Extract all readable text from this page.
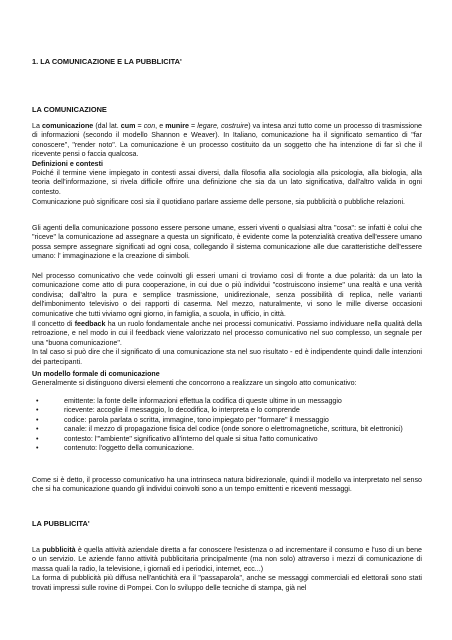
1. LA COMUNICAZIONE E LA PUBBLICITA'
LA COMUNICAZIONE

La comunicazione (dal lat. cum = con, e munire = legare, costruire) va intesa anzi tutto come un processo di trasmissione di informazioni (secondo il modello Shannon e Weaver). In Italiano, comunicazione ha il significato semantico di "far conoscere", "render noto". La comunicazione è un processo costituito da un soggetto che ha intenzione di far sì che il ricevente pensi o faccia qualcosa.

Definizioni e contesti

Poiché il termine viene impiegato in contesti assai diversi, dalla filosofia alla sociologia alla psicologia, alla biologia, alla teoria dell'informazione, si rivela difficile offrire una definizione che sia da un lato significativa, dall'altro valida in ogni contesto.

Comunicazione può significare così sia il quotidiano parlare assieme delle persone, sia pubblicità o pubbliche relazioni.

Gli agenti della comunicazione possono essere persone umane, esseri viventi o qualsiasi altra "cosa": se infatti è colui che "riceve" la comunicazione ad assegnare a questa un significato, è evidente come la potenzialità creativa dell'essere umano possa sempre assegnare significati ad ogni cosa, collegando il sistema comunicazione alle due caratteristiche dell'essere umano: l' immaginazione e la creazione di simboli.

Nel processo comunicativo che vede coinvolti gli esseri umani ci troviamo così di fronte a due polarità: da un lato la comunicazione come atto di pura cooperazione, in cui due o più individui "costruiscono insieme" una realtà e una verità condivisa; dall'altro la pura e semplice trasmissione, unidirezionale, senza possibilità di replica, nelle varianti dell'imbonimento televisivo o dei rapporti di caserma. Nel mezzo, naturalmente, vi sono le mille diverse occasioni comunicative che tutti viviamo ogni giorno, in famiglia, a scuola, in ufficio, in città.

Il concetto di feedback ha un ruolo fondamentale anche nei processi comunicativi. Possiamo individuare nella qualità della retroazione, e nel modo in cui il feedback viene valorizzato nel processo comunicativo nel suo complesso, un segnale per una "buona comunicazione".
In tal caso si può dire che il significato di una comunicazione sta nel suo risultato - ed è indipendente quindi dalle intenzioni dei partecipanti.

Un modello formale di comunicazione

Generalmente si distinguono diversi elementi che concorrono a realizzare un singolo atto comunicativo:

•	emittente: la fonte delle informazioni effettua la codifica di queste ultime in un messaggio
•	ricevente: accoglie il messaggio, lo decodifica, lo interpreta e lo comprende
•	codice: parola parlata o scritta, immagine, tono impiegato per "formare" il messaggio
•	canale: il mezzo di propagazione fisica del codice (onde sonore o elettromagnetiche, scrittura, bit elettronici)
•	contesto: l'"ambiente" significativo all'interno del quale si situa l'atto comunicativo
•	contenuto: l'oggetto della comunicazione.

Come si è detto, il processo comunicativo ha una intrinseca natura bidirezionale, quindi il modello va interpretato nel senso che si ha comunicazione quando gli individui coinvolti sono a un tempo emittenti e riceventi messaggi.

LA PUBBLICITA'

La pubblicità è quella attività aziendale diretta a far conoscere l'esistenza o ad incrementare il consumo e l'uso di un bene o un servizio. Le aziende fanno attività pubblicitaria principalmente (ma non solo) attraverso i mezzi di comunicazione di massa quali la radio, la televisione, i giornali ed i periodici, internet, ecc...)
La forma di pubblicità più diffusa nell'antichità era il "passaparola", anche se messaggi commerciali ed elettorali sono stati trovati impressi sulle rovine di Pompei. Con lo sviluppo delle tecniche di stampa, già nel
